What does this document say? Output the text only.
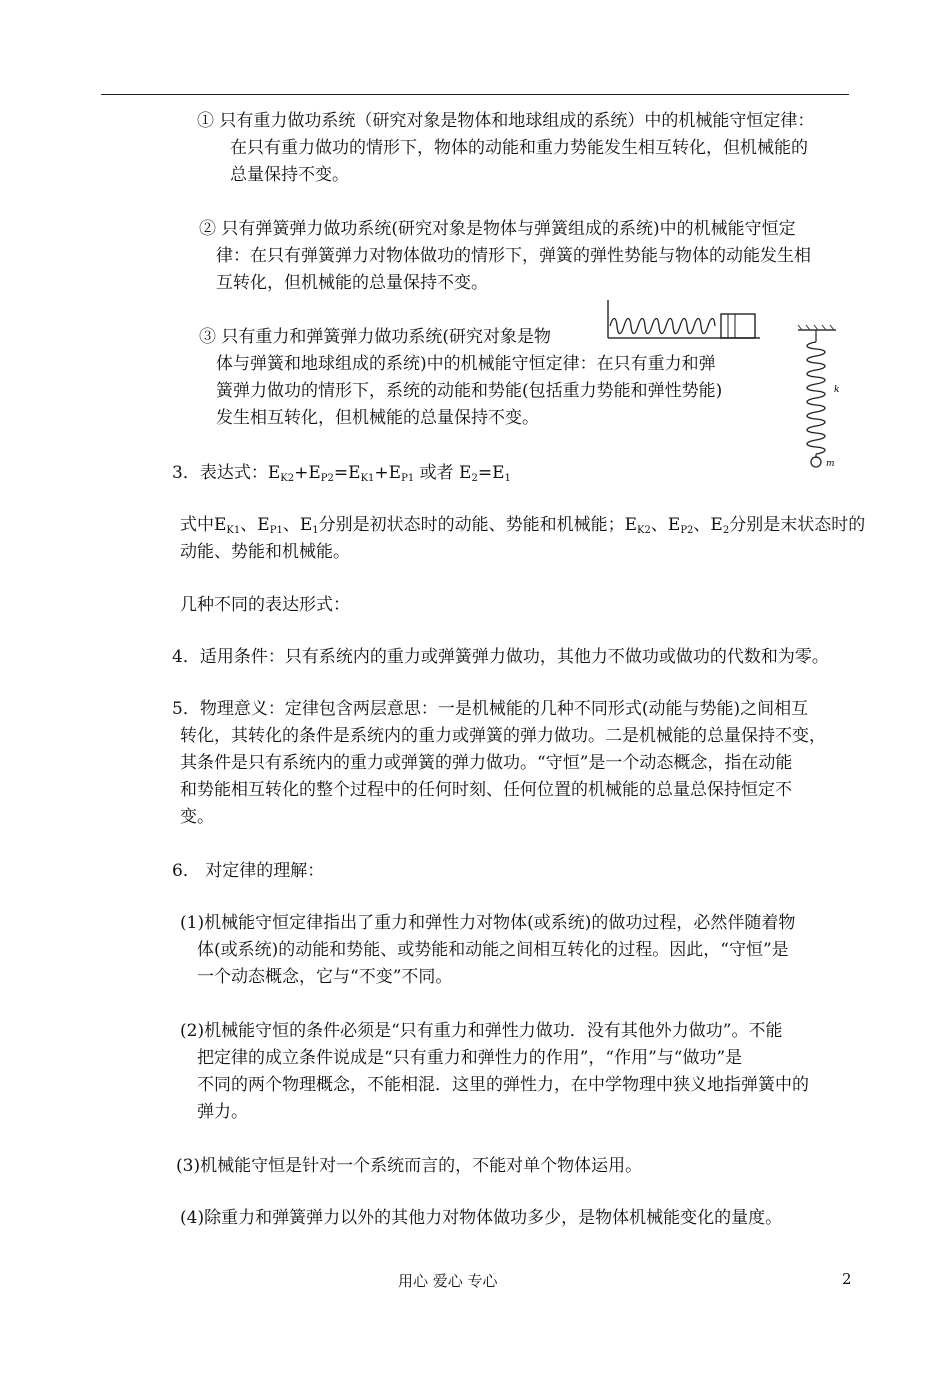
① 只有重力做功系统（研究对象是物体和地球组成的系统）中的机械能守恒定律：
在只有重力做功的情形下，物体的动能和重力势能发生相互转化，但机械能的
总量保持不变。
② 只有弹簧弹力做功系统(研究对象是物体与弹簧组成的系统)中的机械能守恒定
律：在只有弹簧弹力对物体做功的情形下，弹簧的弹性势能与物体的动能发生相
互转化，但机械能的总量保持不变。
③ 只有重力和弹簧弹力做功系统(研究对象是物
体与弹簧和地球组成的系统)中的机械能守恒定律：在只有重力和弹
簧弹力做功的情形下，系统的动能和势能(包括重力势能和弹性势能)
发生相互转化，但机械能的总量保持不变。
k
m
3．表达式：$E_{K2}+E_{P2}=E_{K1}+E_{P1}$ 或者 $E_2=E_1$
式中$E_{K1}$、$E_{P1}$、$E_1$分别是初状态时的动能、势能和机械能；$E_{K2}$、$E_{P2}$、$E_2$分别是末状态时的
动能、势能和机械能。
几种不同的表达形式：
4．适用条件：只有系统内的重力或弹簧弹力做功，其他力不做功或做功的代数和为零。
5．物理意义：定律包含两层意思：一是机械能的几种不同形式(动能与势能)之间相互
转化，其转化的条件是系统内的重力或弹簧的弹力做功。二是机械能的总量保持不变，
其条件是只有系统内的重力或弹簧的弹力做功。“守恒”是一个动态概念，指在动能
和势能相互转化的整个过程中的任何时刻、任何位置的机械能的总量总保持恒定不
变。
6． 对定律的理解：
(1)机械能守恒定律指出了重力和弹性力对物体(或系统)的做功过程，必然伴随着物
体(或系统)的动能和势能、或势能和动能之间相互转化的过程。因此，“守恒”是
一个动态概念，它与“不变”不同。
(2)机械能守恒的条件必须是“只有重力和弹性力做功．没有其他外力做功”。不能
把定律的成立条件说成是“只有重力和弹性力的作用”，“作用”与“做功”是
不同的两个物理概念，不能相混．这里的弹性力，在中学物理中狭义地指弹簧中的
弹力。
(3)机械能守恒是针对一个系统而言的，不能对单个物体运用。
(4)除重力和弹簧弹力以外的其他力对物体做功多少，是物体机械能变化的量度。
用心 爱心 专心	2
